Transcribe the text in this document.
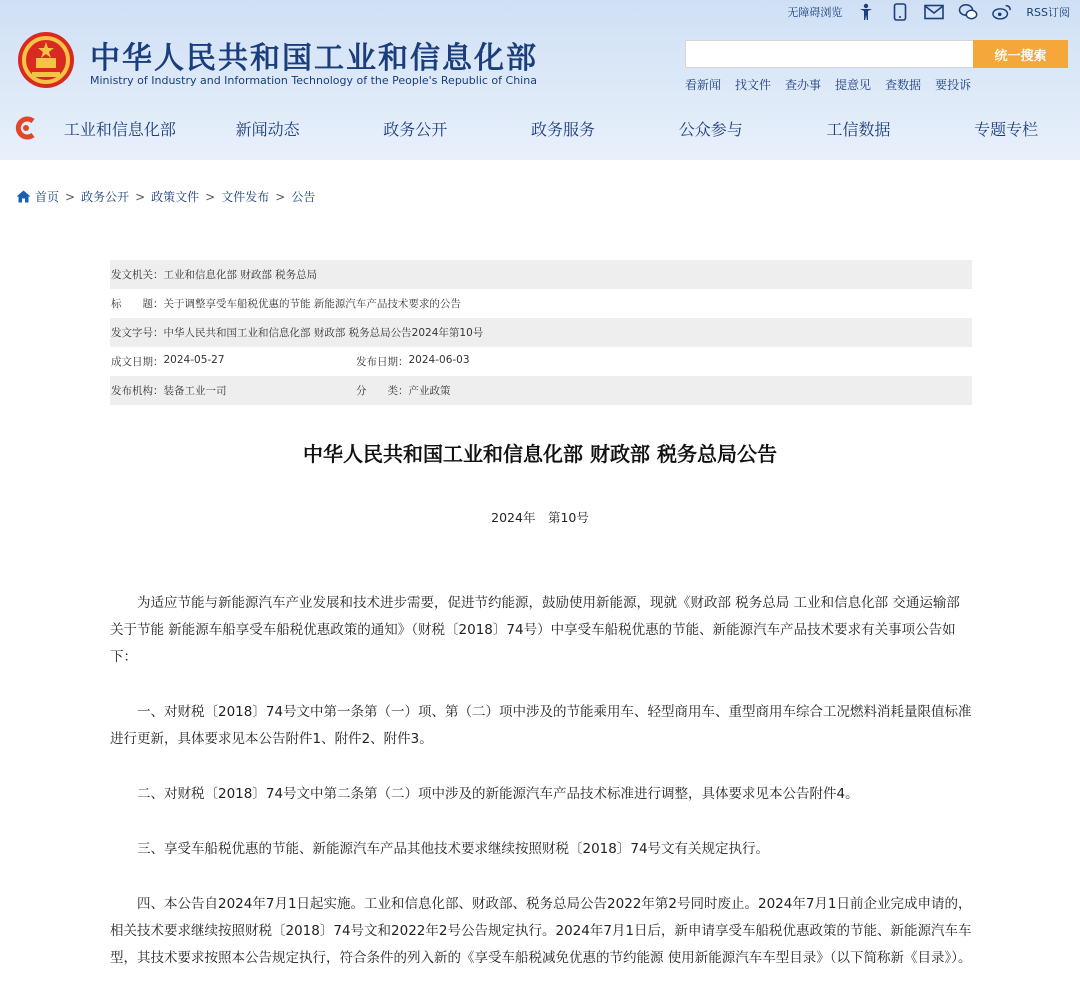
无障碍浏览	RSS订阅
中华人民共和国工业和信息化部
Ministry of Industry and Information Technology of the People's Republic of China
统一搜索
看新闻 找文件 查办事 提意见 查数据 要投诉
工业和信息化部	新闻动态	政务公开	政务服务	公众参与	工信数据	专题专栏
首页 > 政务公开 > 政策文件 > 文件发布 > 公告
发文机关： 工业和信息化部 财政部 税务总局
标　　题： 关于调整享受车船税优惠的节能 新能源汽车产品技术要求的公告
发文字号： 中华人民共和国工业和信息化部 财政部 税务总局公告2024年第10号
成文日期： 2024-05-27	发布日期： 2024-06-03
发布机构： 装备工业一司	分　　类： 产业政策
中华人民共和国工业和信息化部 财政部 税务总局公告
2024年　第10号

为适应节能与新能源汽车产业发展和技术进步需要，促进节约能源，鼓励使用新能源，现就《财政部 税务总局 工业和信息化部 交通运输部关于节能 新能源车船享受车船税优惠政策的通知》（财税〔2018〕74号）中享受车船税优惠的节能、新能源汽车产品技术要求有关事项公告如下：

一、对财税〔2018〕74号文中第一条第（一）项、第（二）项中涉及的节能乘用车、轻型商用车、重型商用车综合工况燃料消耗量限值标准进行更新，具体要求见本公告附件1、附件2、附件3。

二、对财税〔2018〕74号文中第二条第（二）项中涉及的新能源汽车产品技术标准进行调整，具体要求见本公告附件4。

三、享受车船税优惠的节能、新能源汽车产品其他技术要求继续按照财税〔2018〕74号文有关规定执行。

四、本公告自2024年7月1日起实施。工业和信息化部、财政部、税务总局公告2022年第2号同时废止。2024年7月1日前企业完成申请的，相关技术要求继续按照财税〔2018〕74号文和2022年2号公告规定执行。2024年7月1日后，新申请享受车船税优惠政策的节能、新能源汽车车型，其技术要求按照本公告规定执行，符合条件的列入新的《享受车船税减免优惠的节约能源 使用新能源汽车车型目录》（以下简称新《目录》）。
